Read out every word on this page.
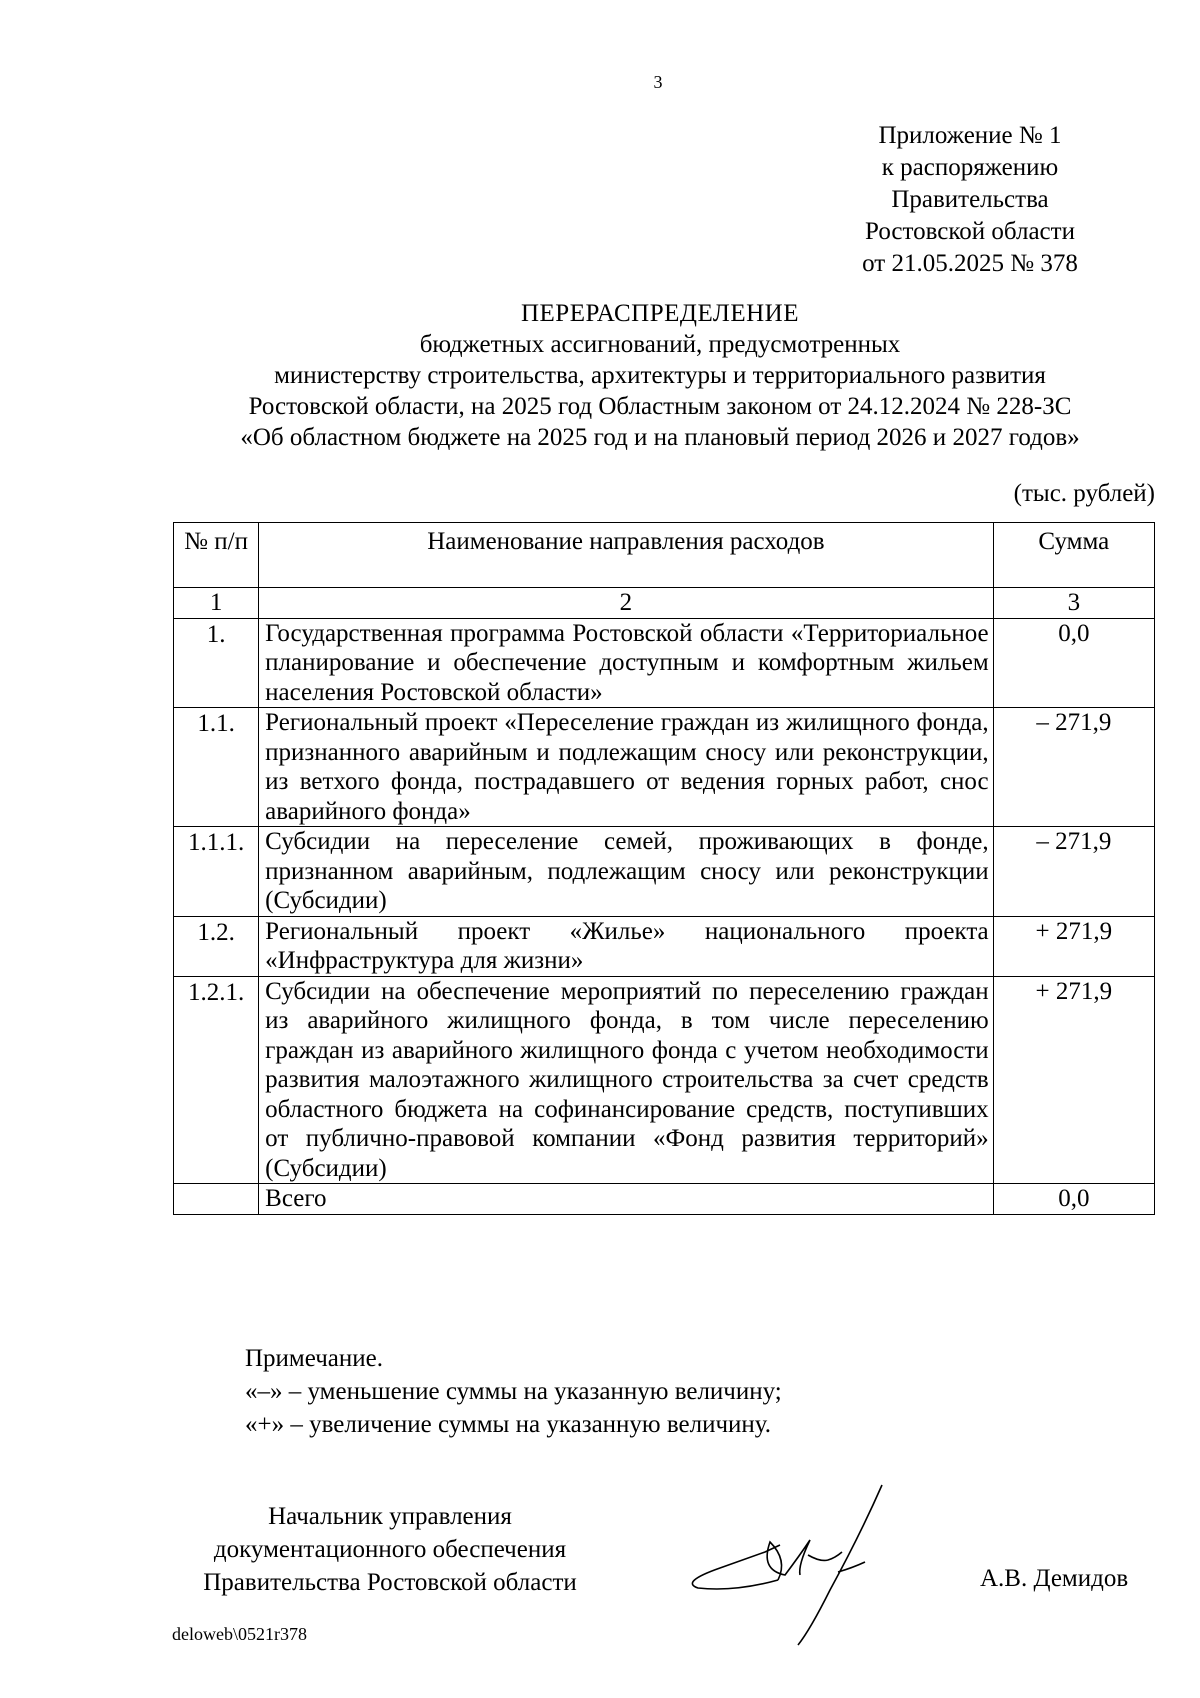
3
Приложение № 1
к распоряжению
Правительства
Ростовской области
от 21.05.2025 № 378
ПЕРЕРАСПРЕДЕЛЕНИЕ
бюджетных ассигнований, предусмотренных
министерству строительства, архитектуры и территориального развития
Ростовской области, на 2025 год Областным законом от 24.12.2024 № 228-ЗС
«Об областном бюджете на 2025 год и на плановый период 2026 и 2027 годов»
(тыс. рублей)
№ п/п	Наименование направления расходов	Сумма
1	2	3
1.	Государственная программа Ростовской области «Территориальное планирование и обеспечение доступным и комфортным жильем населения Ростовской области»	0,0
1.1.	Региональный проект «Переселение граждан из жилищного фонда, признанного аварийным и подлежащим сносу или реконструкции, из ветхого фонда, пострадавшего от ведения горных работ, снос аварийного фонда»	– 271,9
1.1.1.	Субсидии на переселение семей, проживающих в фонде, признанном аварийным, подлежащим сносу или реконструкции (Субсидии)	– 271,9
1.2.	Региональный проект «Жилье» национального проекта «Инфраструктура для жизни»	+ 271,9
1.2.1.	Субсидии на обеспечение мероприятий по переселению граждан из аварийного жилищного фонда, в том числе переселению граждан из аварийного жилищного фонда с учетом необходимости развития малоэтажного жилищного строительства за счет средств областного бюджета на софинансирование средств, поступивших от публично-правовой компании «Фонд развития территорий» (Субсидии)	+ 271,9
	Всего	0,0
Примечание.
«–» – уменьшение суммы на указанную величину;
«+» – увеличение суммы на указанную величину.
Начальник управления
документационного обеспечения
Правительства Ростовской области	А.В. Демидов
deloweb\0521r378
